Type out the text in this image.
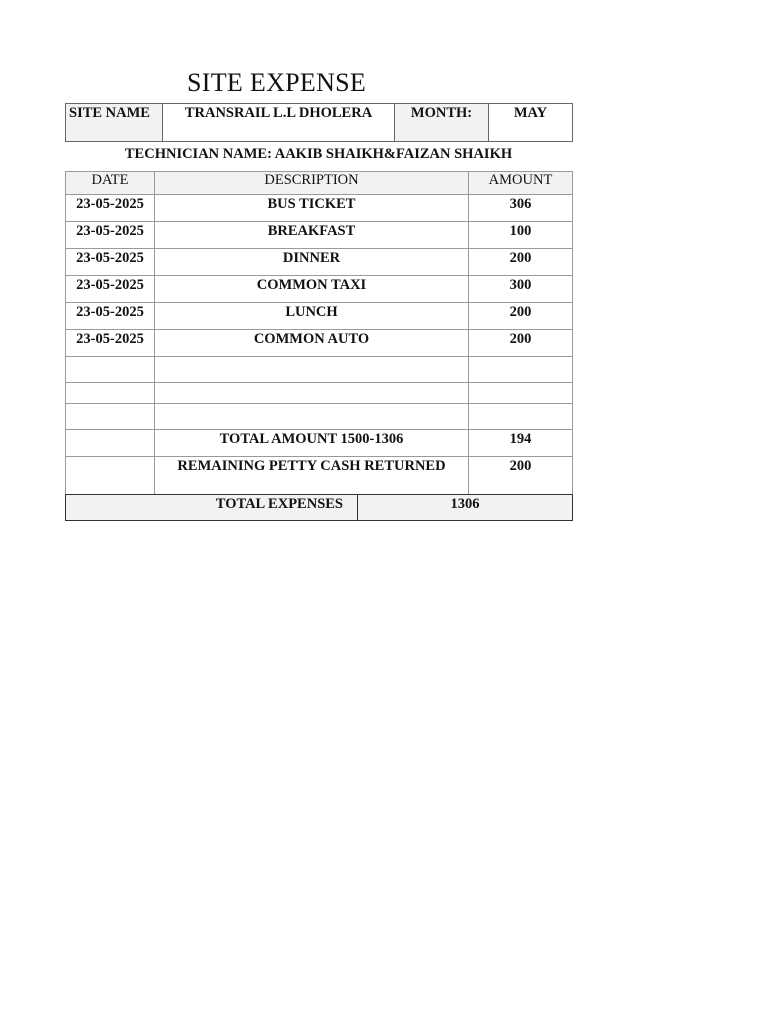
SITE EXPENSE
SITE NAME	TRANSRAIL L.L DHOLERA	MONTH:	MAY
TECHNICIAN NAME: AAKIB SHAIKH&FAIZAN SHAIKH
DATE	DESCRIPTION	AMOUNT
23-05-2025	BUS TICKET	306
23-05-2025	BREAKFAST	100
23-05-2025	DINNER	200
23-05-2025	COMMON TAXI	300
23-05-2025	LUNCH	200
23-05-2025	COMMON AUTO	200

	TOTAL AMOUNT 1500-1306	194
	REMAINING PETTY CASH RETURNED	200
TOTAL EXPENSES	1306
